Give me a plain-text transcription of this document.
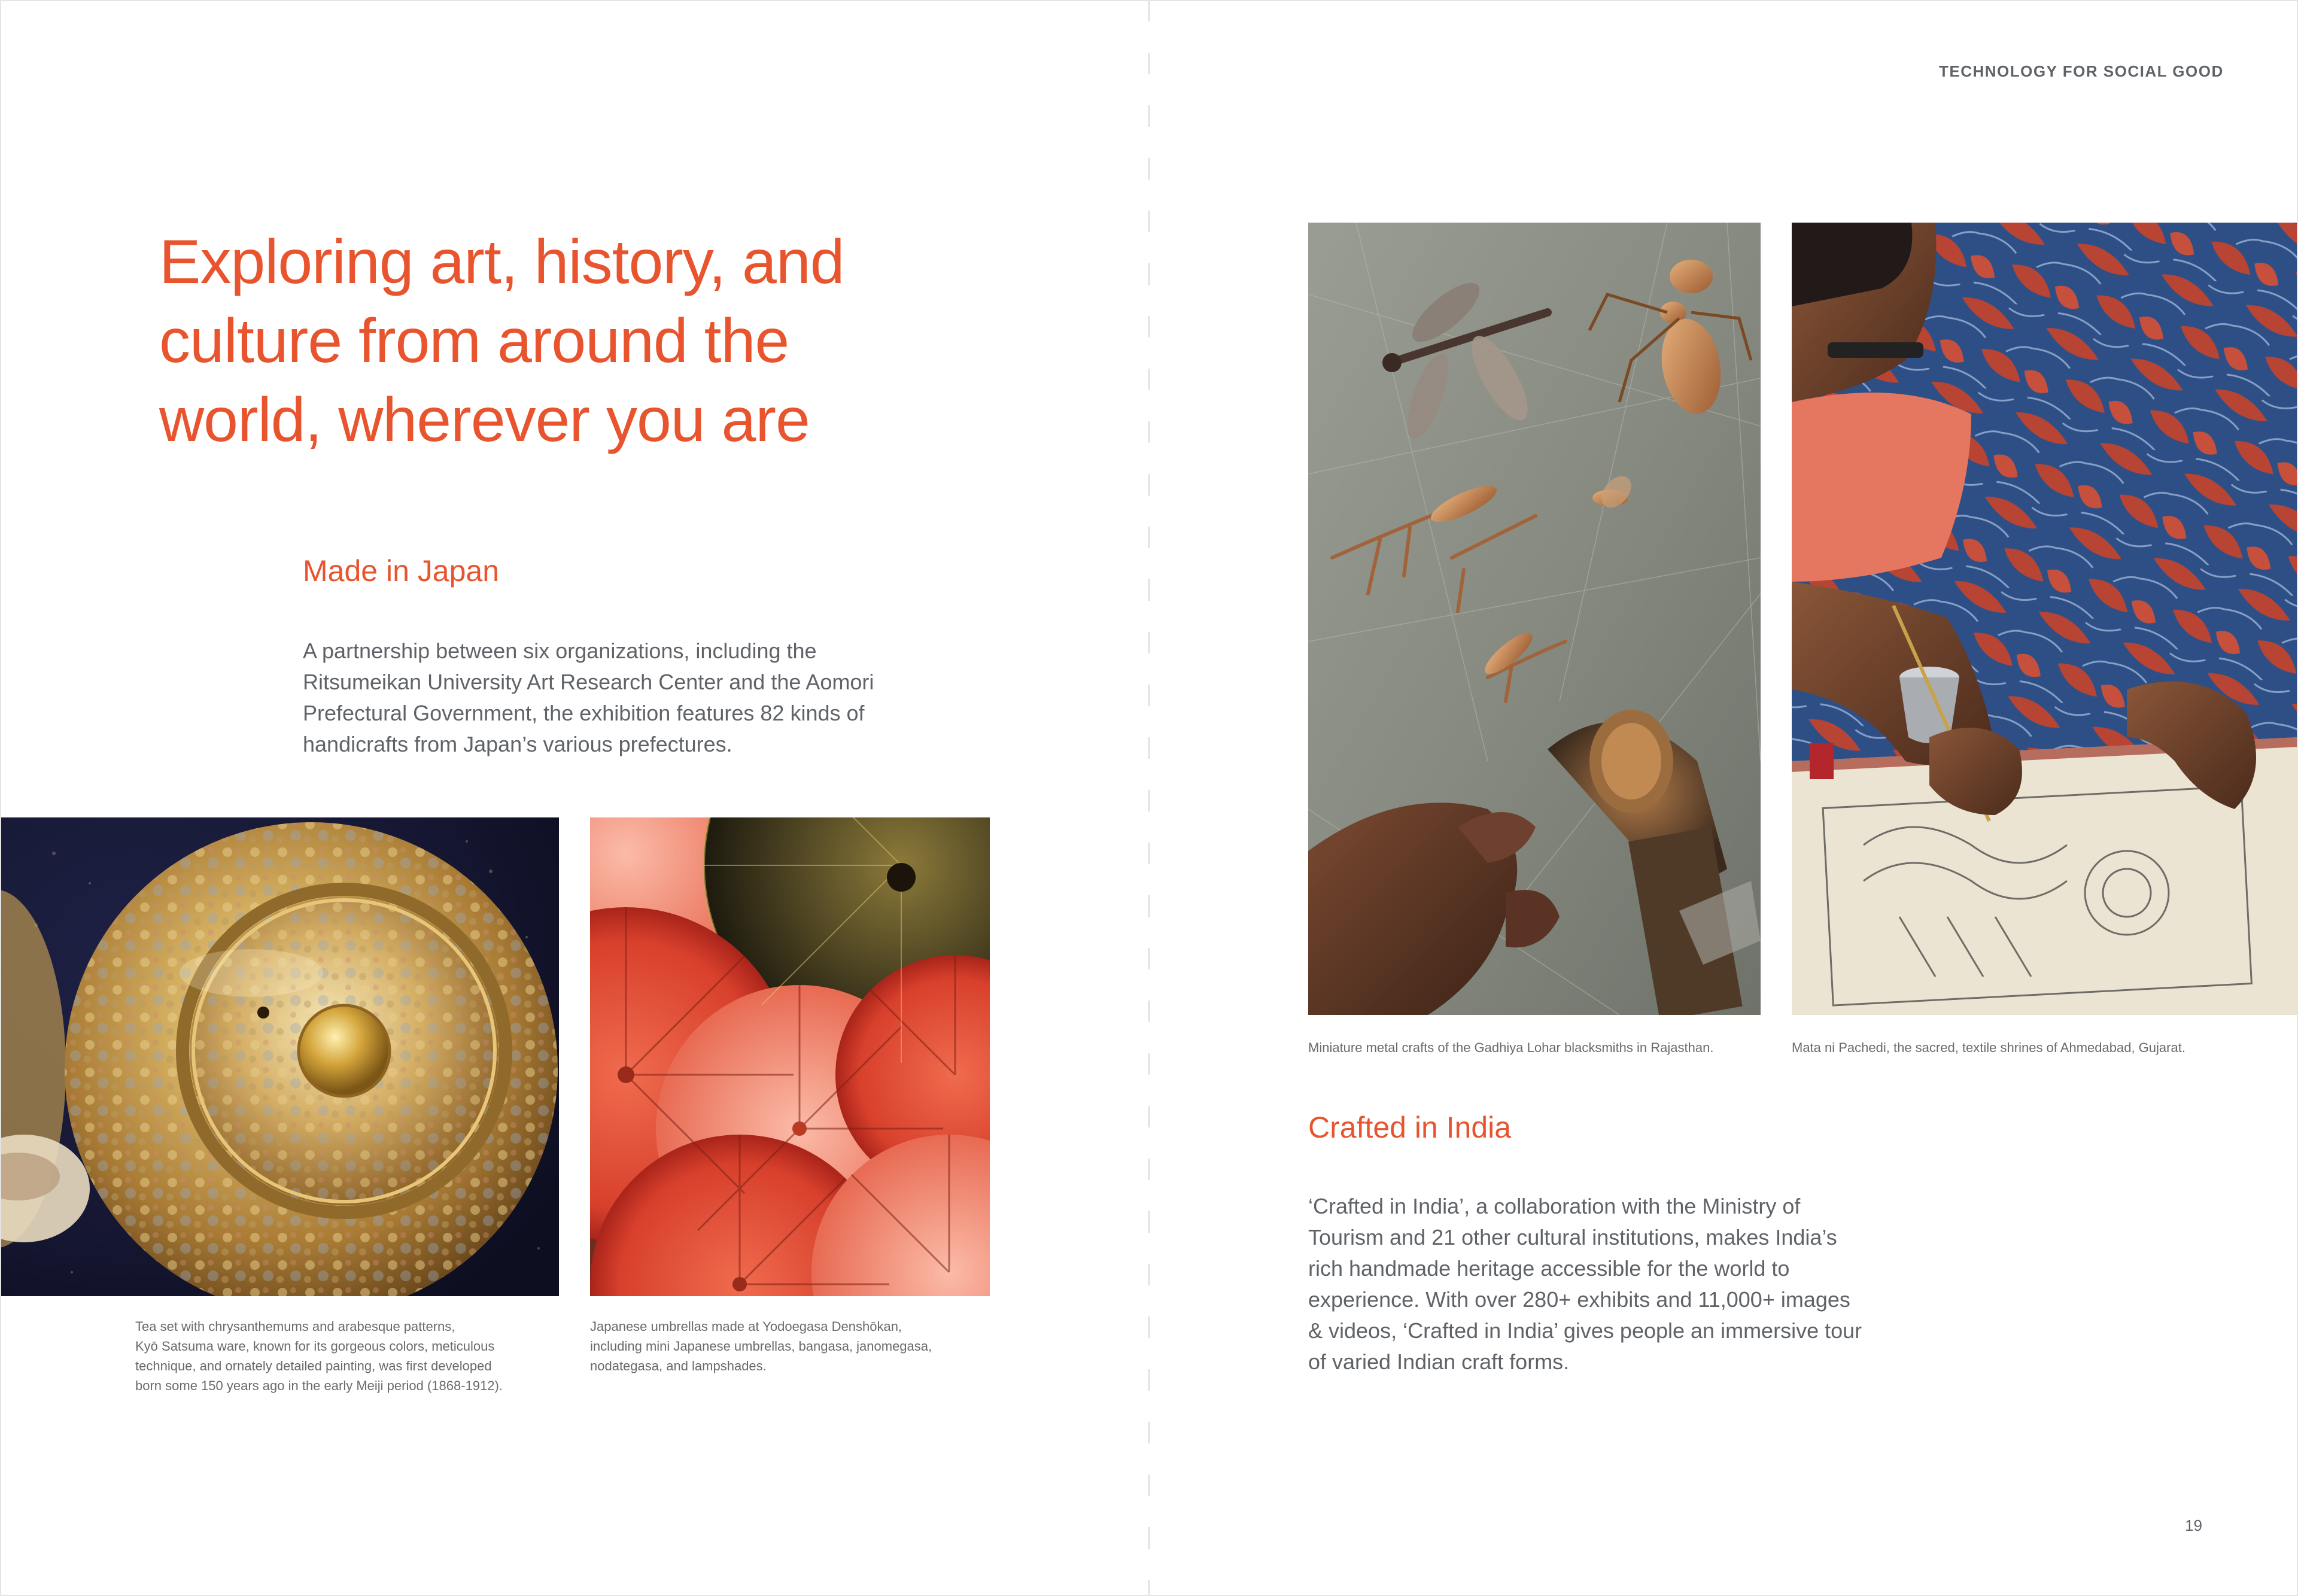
TECHNOLOGY FOR SOCIAL GOOD
Exploring art, history, and
culture from around the
world, wherever you are
Made in Japan
A partnership between six organizations, including the
Ritsumeikan University Art Research Center and the Aomori
Prefectural Government, the exhibition features 82 kinds of
handicrafts from Japan’s various prefectures.
Tea set with chrysanthemums and arabesque patterns,
Kyō Satsuma ware, known for its gorgeous colors, meticulous
technique, and ornately detailed painting, was first developed
born some 150 years ago in the early Meiji period (1868-1912).
Japanese umbrellas made at Yodoegasa Denshōkan,
including mini Japanese umbrellas, bangasa, janomegasa,
nodategasa, and lampshades.
Miniature metal crafts of the Gadhiya Lohar blacksmiths in Rajasthan.	Mata ni Pachedi, the sacred, textile shrines of Ahmedabad, Gujarat.
Crafted in India
‘Crafted in India’, a collaboration with the Ministry of
Tourism and 21 other cultural institutions, makes India’s
rich handmade heritage accessible for the world to
experience. With over 280+ exhibits and 11,000+ images
& videos, ‘Crafted in India’ gives people an immersive tour
of varied Indian craft forms.
19
